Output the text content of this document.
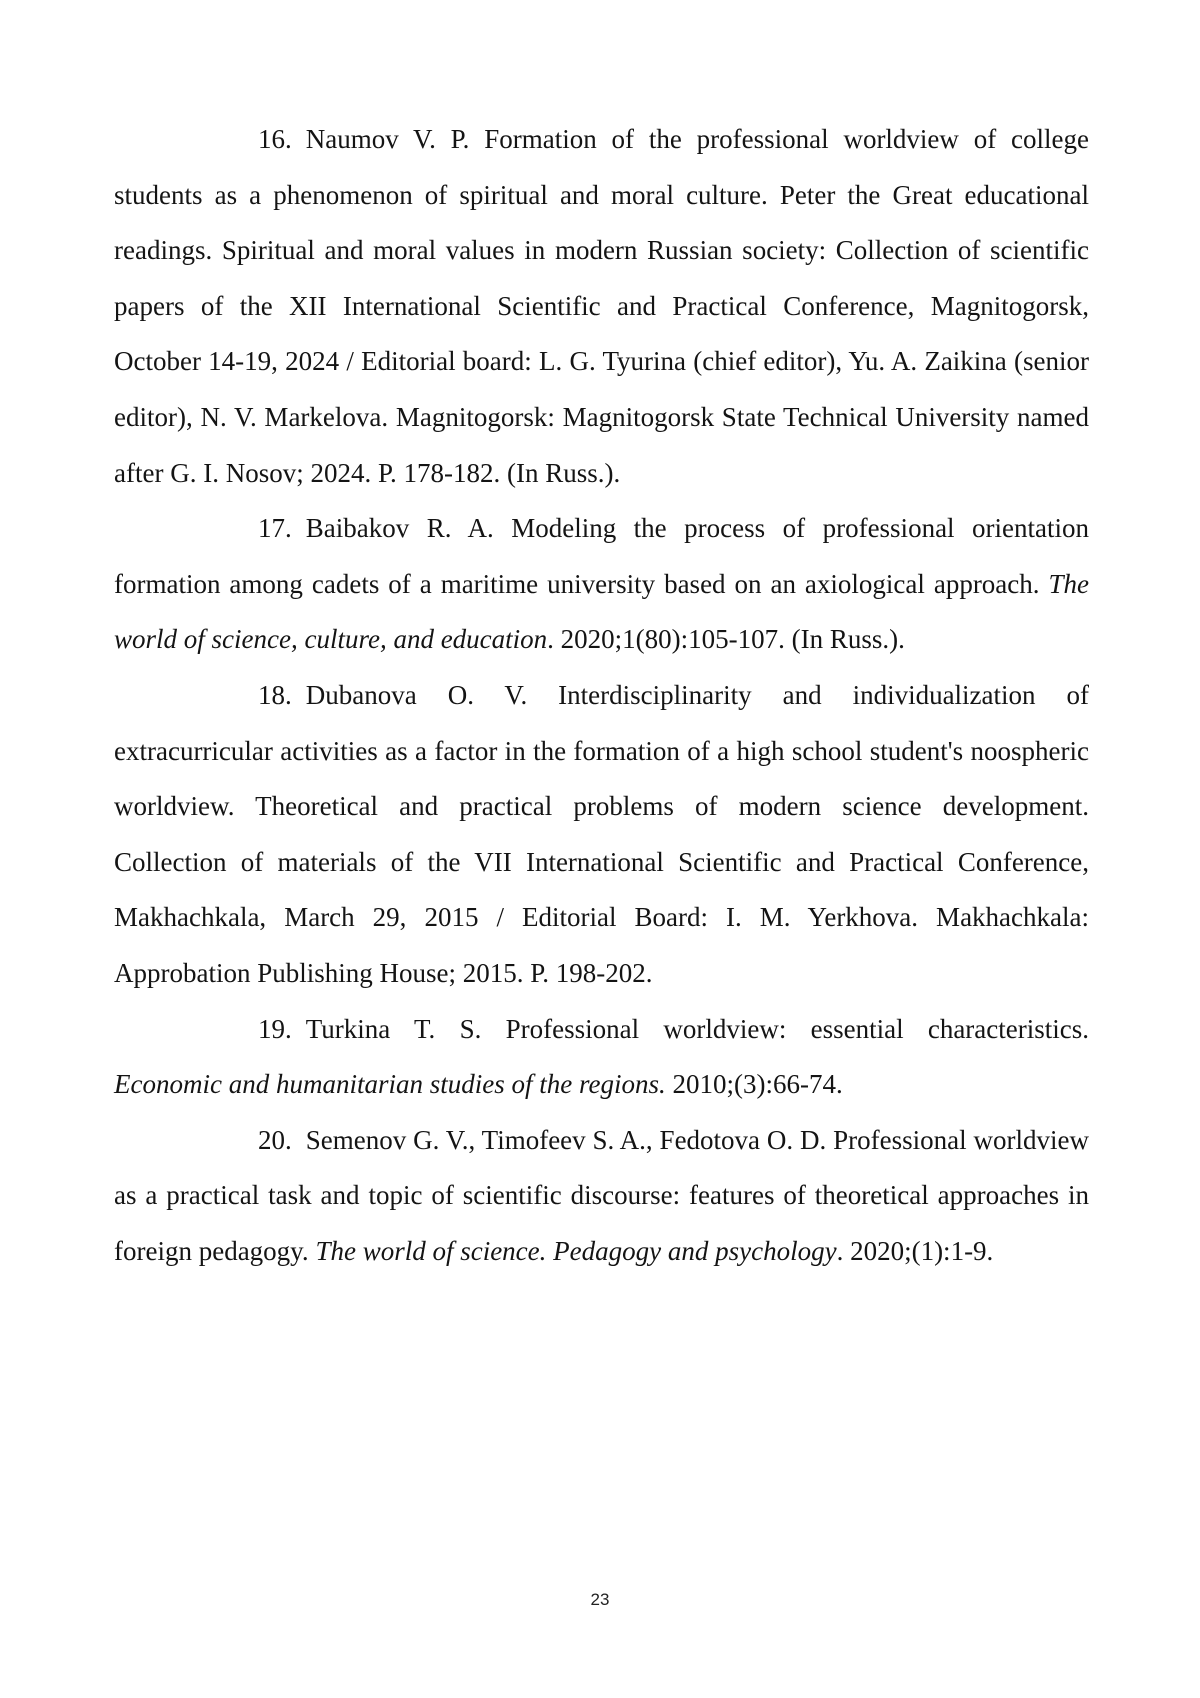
16. Naumov V. P. Formation of the professional worldview of college students as a phenomenon of spiritual and moral culture. Peter the Great educational readings. Spiritual and moral values in modern Russian society: Collection of scientific papers of the XII International Scientific and Practical Conference, Magnitogorsk, October 14-19, 2024 / Editorial board: L. G. Tyurina (chief editor), Yu. A. Zaikina (senior editor), N. V. Markelova. Magnitogorsk: Magnitogorsk State Technical University named after G. I. Nosov; 2024. P. 178-182. (In Russ.).

17. Baibakov R. A. Modeling the process of professional orientation formation among cadets of a maritime university based on an axiological approach. The world of science, culture, and education. 2020;1(80):105-107. (In Russ.).

18. Dubanova O. V. Interdisciplinarity and individualization of extracurricular activities as a factor in the formation of a high school student's noospheric worldview. Theoretical and practical problems of modern science development. Collection of materials of the VII International Scientific and Practical Conference, Makhachkala, March 29, 2015 / Editorial Board: I. M. Yerkhova. Makhachkala: Approbation Publishing House; 2015. P. 198-202.

19. Turkina T. S. Professional worldview: essential characteristics. Economic and humanitarian studies of the regions. 2010;(3):66-74.

20. Semenov G. V., Timofeev S. A., Fedotova O. D. Professional worldview as a practical task and topic of scientific discourse: features of theoretical approaches in foreign pedagogy. The world of science. Pedagogy and psychology. 2020;(1):1-9.

23
